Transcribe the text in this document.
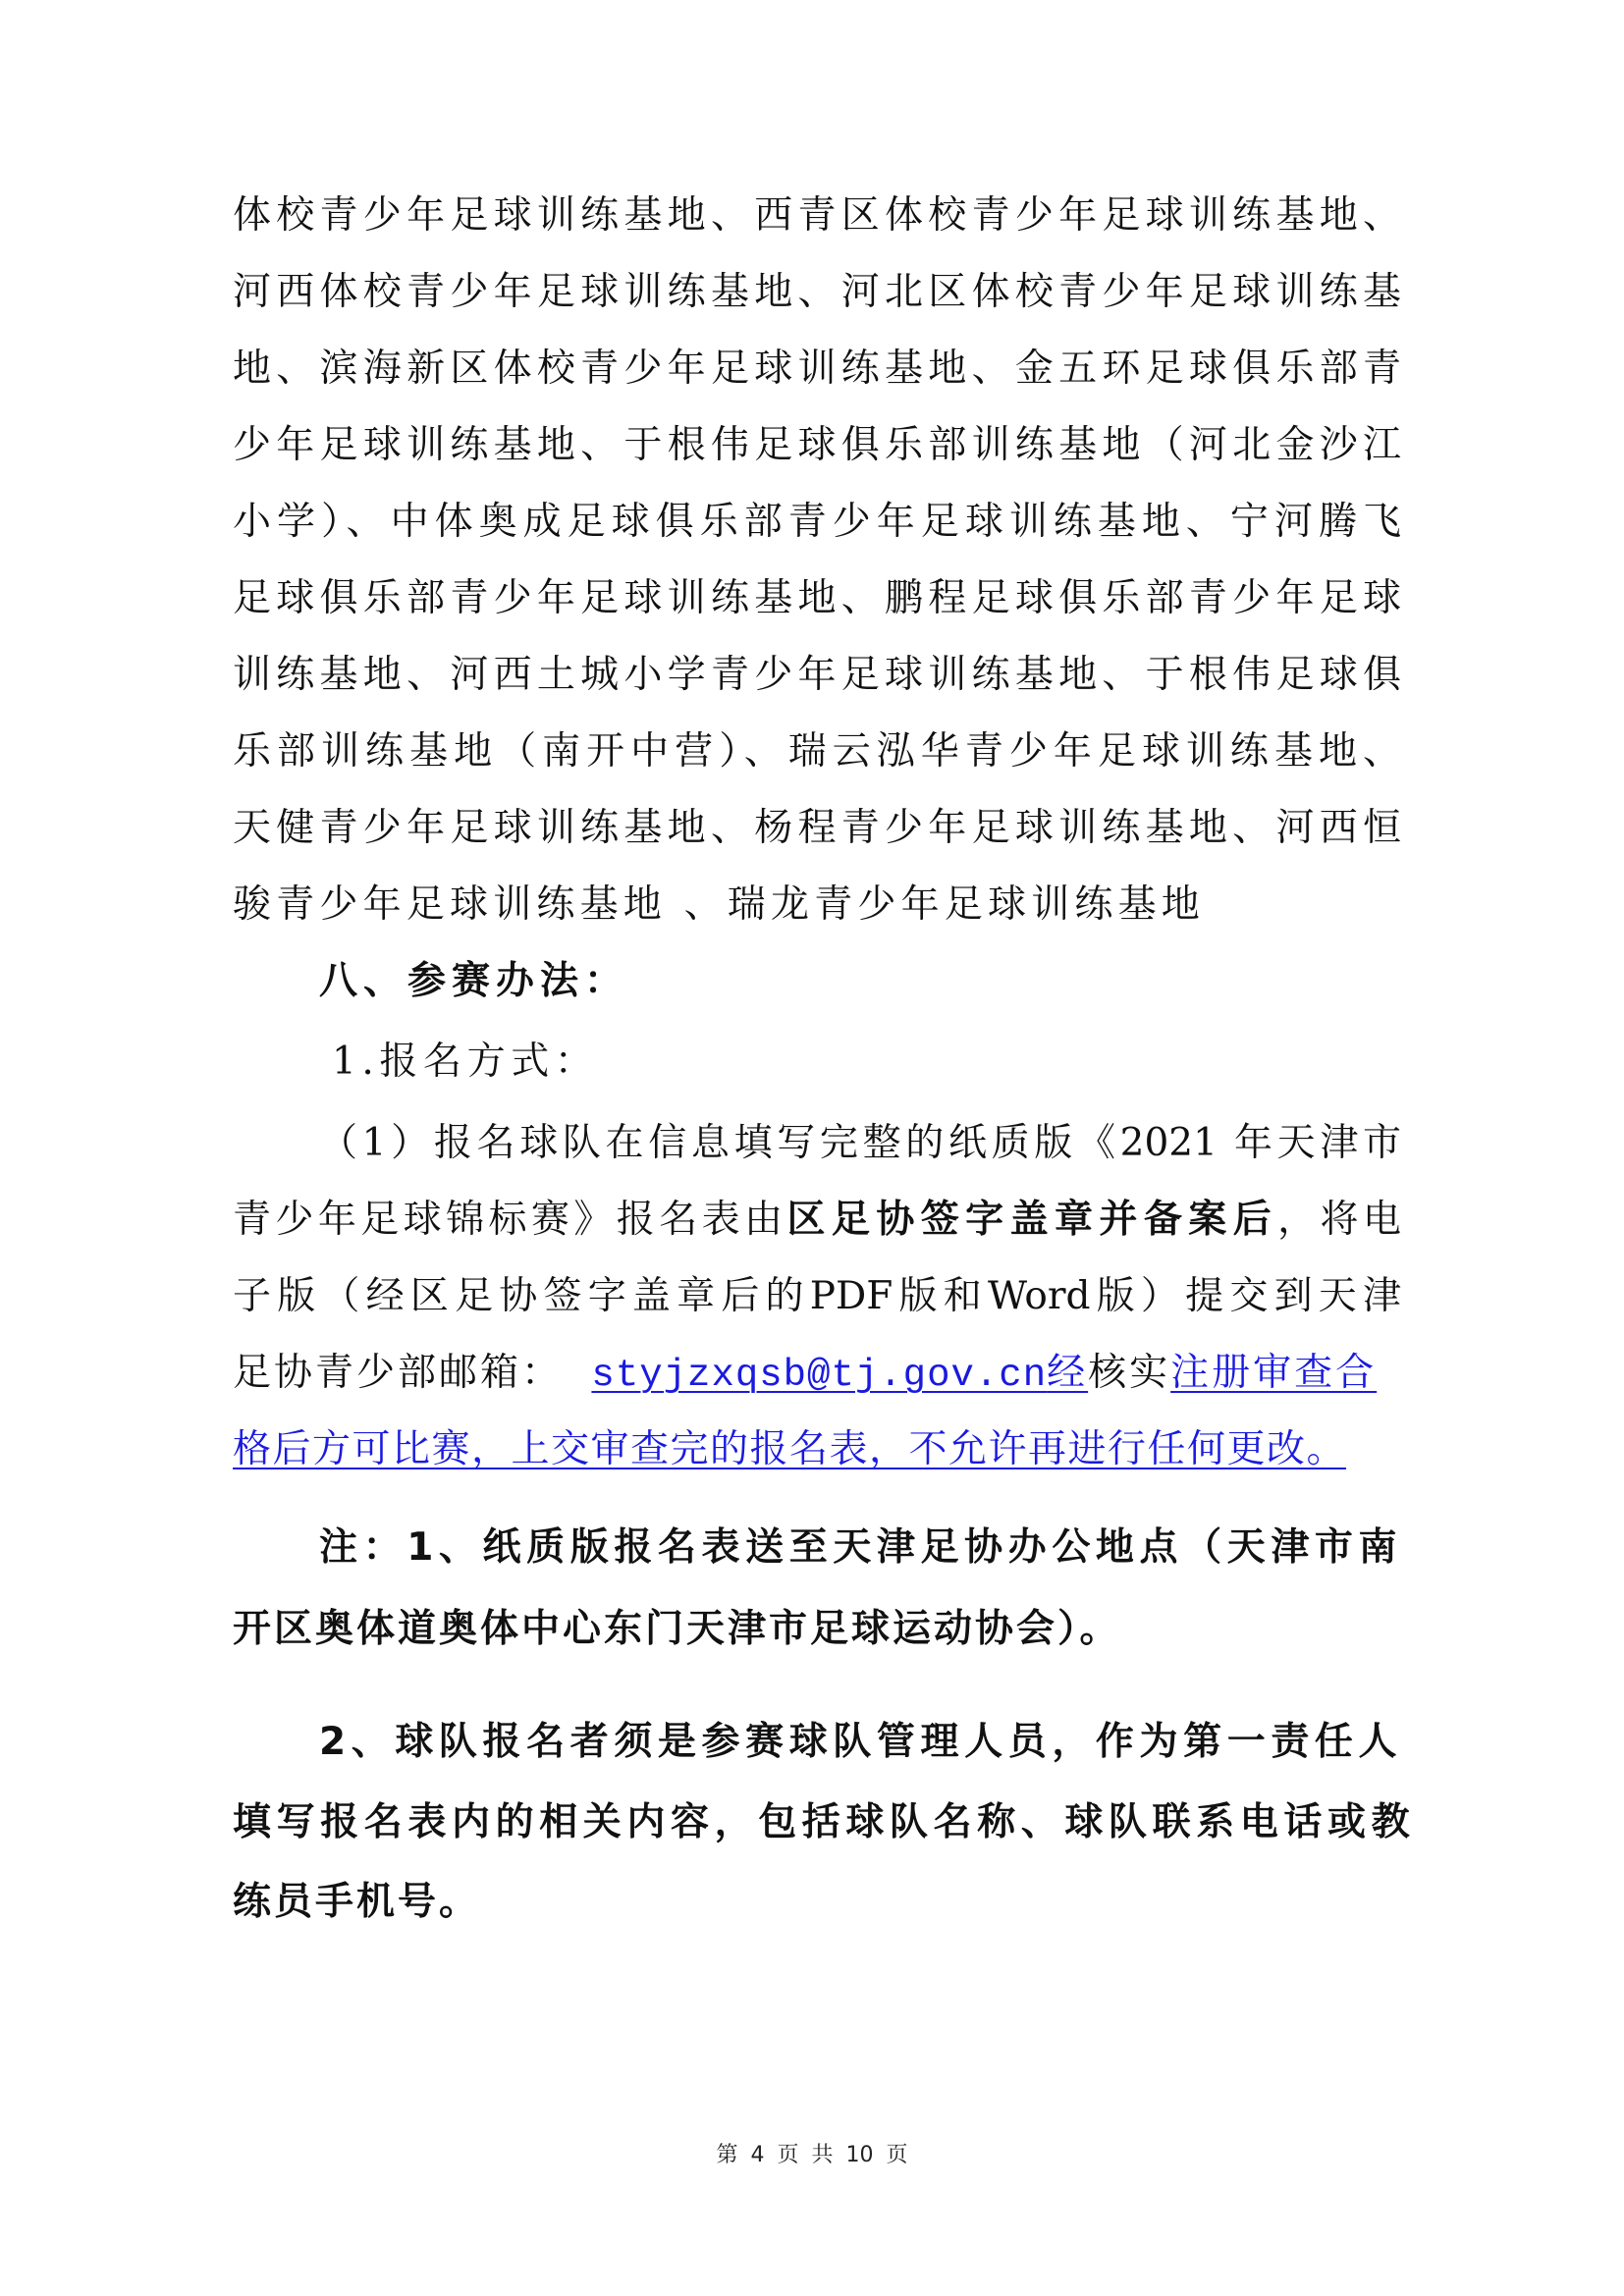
体校青少年足球训练基地、西青区体校青少年足球训练基地、
河西体校青少年足球训练基地、河北区体校青少年足球训练基
地、滨海新区体校青少年足球训练基地、金五环足球俱乐部青
少年足球训练基地、于根伟足球俱乐部训练基地（河北金沙江
小学）、中体奥成足球俱乐部青少年足球训练基地、宁河腾飞
足球俱乐部青少年足球训练基地、鹏程足球俱乐部青少年足球
训练基地、河西土城小学青少年足球训练基地、于根伟足球俱
乐部训练基地（南开中营）、瑞云泓华青少年足球训练基地、
天健青少年足球训练基地、杨程青少年足球训练基地、河西恒
骏青少年足球训练基地 、瑞龙青少年足球训练基地
八、参赛办法：
1.报名方式：
（1）报名球队在信息填写完整的纸质版《2021 年天津市
青少年足球锦标赛》报名表由区足协签字盖章并备案后，将电
子版（经区足协签字盖章后的PDF版和Word版）提交到天津
足协青少部邮箱： styjzxqsb@tj.gov.cn经核实注册审查合
格后方可比赛，上交审查完的报名表，不允许再进行任何更改。
注：1、纸质版报名表送至天津足协办公地点（天津市南
开区奥体道奥体中心东门天津市足球运动协会）。
2、球队报名者须是参赛球队管理人员，作为第一责任人
填写报名表内的相关内容，包括球队名称、球队联系电话或教
练员手机号。
第 4 页 共 10 页
